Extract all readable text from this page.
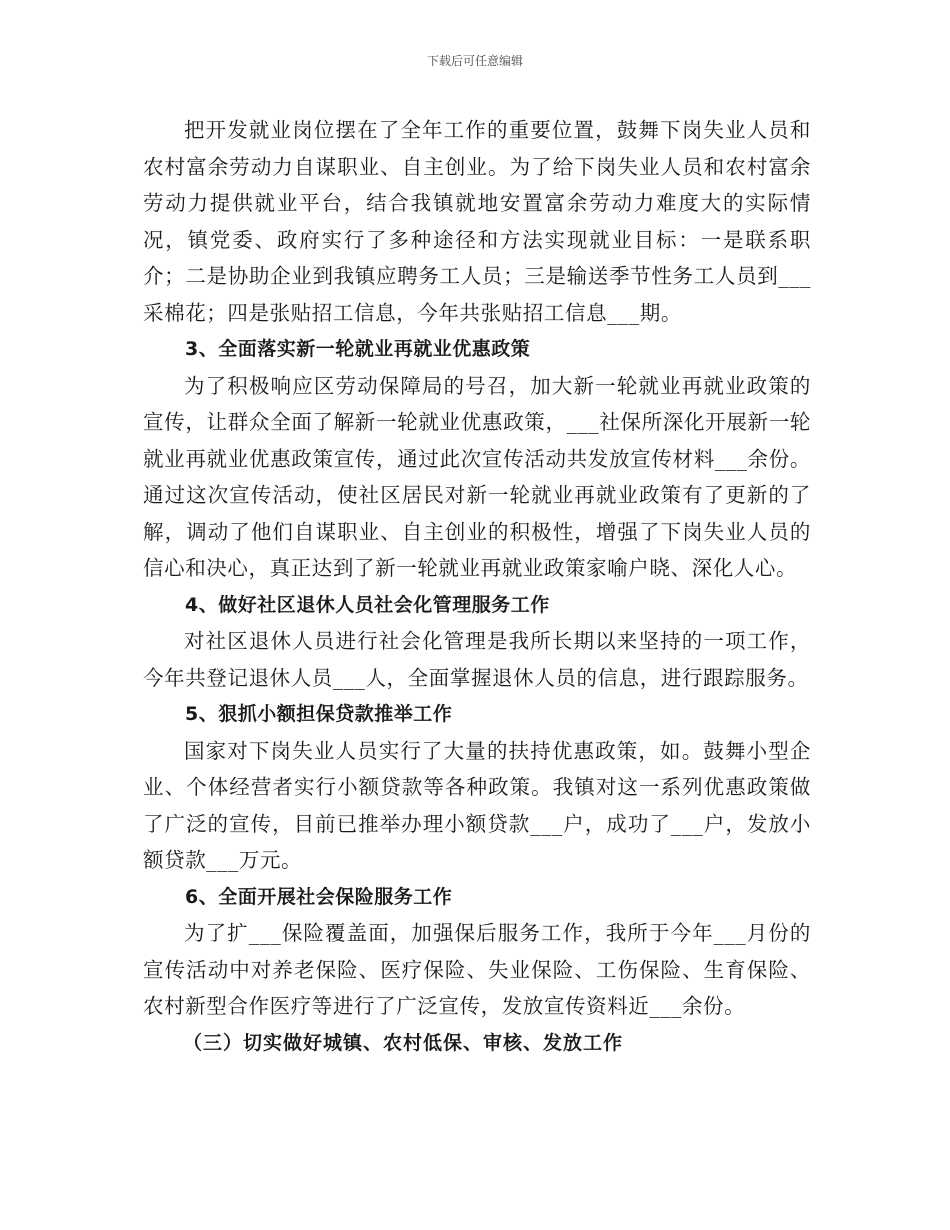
下载后可任意编辑

把开发就业岗位摆在了全年工作的重要位置，鼓舞下岗失业人员和农村富余劳动力自谋职业、自主创业。为了给下岗失业人员和农村富余劳动力提供就业平台，结合我镇就地安置富余劳动力难度大的实际情况，镇党委、政府实行了多种途径和方法实现就业目标：一是联系职介；二是协助企业到我镇应聘务工人员；三是输送季节性务工人员到___采棉花；四是张贴招工信息，今年共张贴招工信息___期。

3、全面落实新一轮就业再就业优惠政策

为了积极响应区劳动保障局的号召，加大新一轮就业再就业政策的宣传，让群众全面了解新一轮就业优惠政策，___社保所深化开展新一轮就业再就业优惠政策宣传，通过此次宣传活动共发放宣传材料___余份。通过这次宣传活动，使社区居民对新一轮就业再就业政策有了更新的了解，调动了他们自谋职业、自主创业的积极性，增强了下岗失业人员的信心和决心，真正达到了新一轮就业再就业政策家喻户晓、深化人心。

4、做好社区退休人员社会化管理服务工作

对社区退休人员进行社会化管理是我所长期以来坚持的一项工作，今年共登记退休人员___人，全面掌握退休人员的信息，进行跟踪服务。

5、狠抓小额担保贷款推举工作

国家对下岗失业人员实行了大量的扶持优惠政策，如。鼓舞小型企业、个体经营者实行小额贷款等各种政策。我镇对这一系列优惠政策做了广泛的宣传，目前已推举办理小额贷款___户，成功了___户，发放小额贷款___万元。

6、全面开展社会保险服务工作

为了扩___保险覆盖面，加强保后服务工作，我所于今年___月份的宣传活动中对养老保险、医疗保险、失业保险、工伤保险、生育保险、农村新型合作医疗等进行了广泛宣传，发放宣传资料近___余份。

（三）切实做好城镇、农村低保、审核、发放工作
